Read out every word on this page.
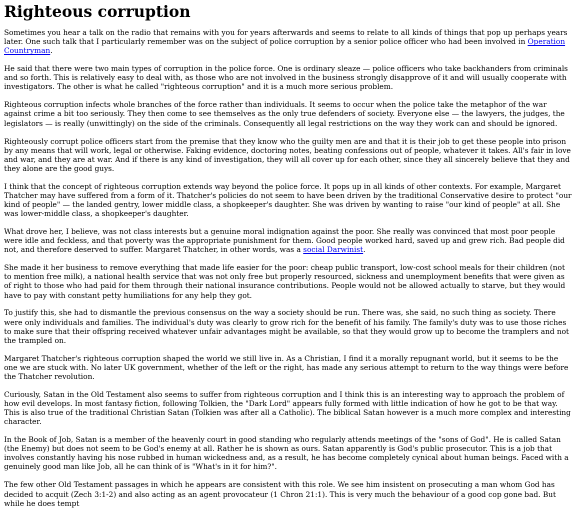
Righteous corruption

Sometimes you hear a talk on the radio that remains with you for years afterwards and seems to relate to all kinds of things that pop up perhaps years later. One such talk that I particularly remember was on the subject of police corruption by a senior police officer who had been involved in Operation Countryman.

He said that there were two main types of corruption in the police force. One is ordinary sleaze — police officers who take backhanders from criminals and so forth. This is relatively easy to deal with, as those who are not involved in the business strongly disapprove of it and will usually cooperate with investigators. The other is what he called "righteous corruption" and it is a much more serious problem.

Righteous corruption infects whole branches of the force rather than individuals. It seems to occur when the police take the metaphor of the war against crime a bit too seriously. They then come to see themselves as the only true defenders of society. Everyone else — the lawyers, the judges, the legislators — is really (unwittingly) on the side of the criminals. Consequently all legal restrictions on the way they work can and should be ignored.

Righteously corrupt police officers start from the premise that they know who the guilty men are and that it is their job to get these people into prison by any means that will work, legal or otherwise. Faking evidence, doctoring notes, beating confessions out of people, whatever it takes. All's fair in love and war, and they are at war. And if there is any kind of investigation, they will all cover up for each other, since they all sincerely believe that they and they alone are the good guys.

I think that the concept of righteous corruption extends way beyond the police force. It pops up in all kinds of other contexts. For example, Margaret Thatcher may have suffered from a form of it. Thatcher's policies do not seem to have been driven by the traditional Conservative desire to protect "our kind of people" — the landed gentry, lower middle class, a shopkeeper's daughter. She was driven by wanting to raise "our kind of people" at all. She was lower-middle class, a shopkeeper's daughter.

What drove her, I believe, was not class interests but a genuine moral indignation against the poor. She really was convinced that most poor people were idle and feckless, and that poverty was the appropriate punishment for them. Good people worked hard, saved up and grew rich. Bad people did not, and therefore deserved to suffer. Margaret Thatcher, in other words, was a social Darwinist.

She made it her business to remove everything that made life easier for the poor: cheap public transport, low-cost school meals for their children (not to mention free milk), a national health service that was not only free but properly resourced, sickness and unemployment benefits that were given as of right to those who had paid for them through their national insurance contributions. People would not be allowed actually to starve, but they would have to pay with constant petty humiliations for any help they got.

To justify this, she had to dismantle the previous consensus on the way a society should be run. There was, she said, no such thing as society. There were only individuals and families. The individual's duty was clearly to grow rich for the benefit of his family. The family's duty was to use those riches to make sure that their offspring received whatever unfair advantages might be available, so that they would grow up to become the tramplers and not the trampled on.

Margaret Thatcher's righteous corruption shaped the world we still live in. As a Christian, I find it a morally repugnant world, but it seems to be the one we are stuck with. No later UK government, whether of the left or the right, has made any serious attempt to return to the way things were before the Thatcher revolution.

Curiously, Satan in the Old Testament also seems to suffer from righteous corruption and I think this is an interesting way to approach the problem of how evil develops. In most fantasy fiction, following Tolkien, the "Dark Lord" appears fully formed with little indication of how he got to be that way. This is also true of the traditional Christian Satan (Tolkien was after all a Catholic). The biblical Satan however is a much more complex and interesting character.

In the Book of Job, Satan is a member of the heavenly court in good standing who regularly attends meetings of the "sons of God". He is called Satan (the Enemy) but does not seem to be God's enemy at all. Rather he is shown as ours. Satan apparently is God's public prosecutor. This is a job that involves constantly having his nose rubbed in human wickedness and, as a result, he has become completely cynical about human beings. Faced with a genuinely good man like Job, all he can think of is "What's in it for him?".

The few other Old Testament passages in which he appears are consistent with this role. We see him insistent on prosecuting a man whom God has decided to acquit (Zech 3:1-2) and also acting as an agent provocateur (1 Chron 21:1). This is very much the behaviour of a good cop gone bad. But while he does tempt
